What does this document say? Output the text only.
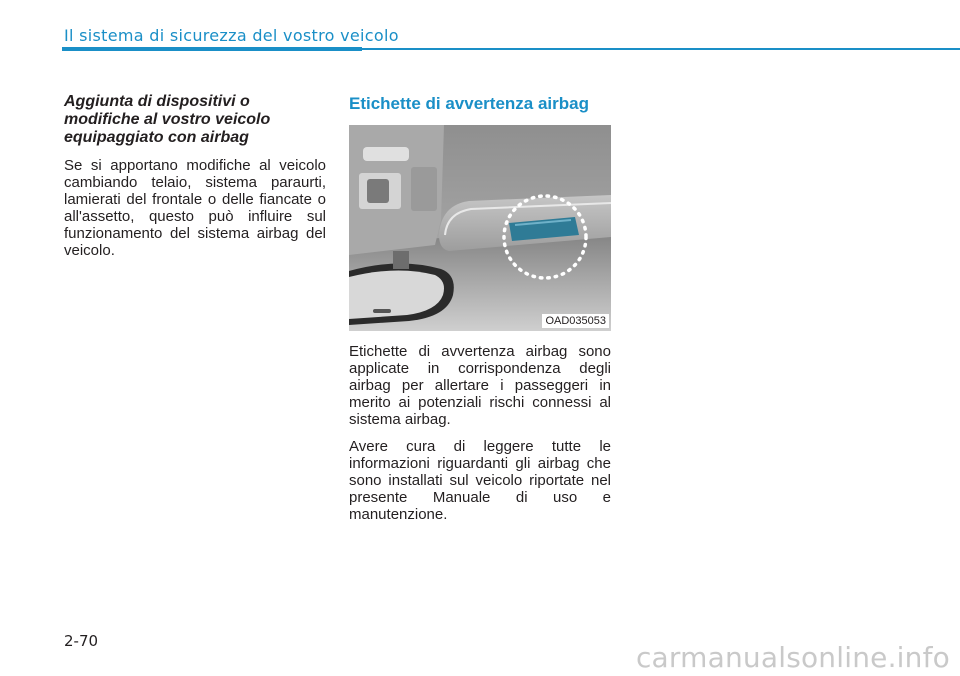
Il sistema di sicurezza del vostro veicolo

Aggiunta di dispositivi o modifiche al vostro veicolo equipaggiato con airbag

Se si apportano modifiche al veicolo cambiando telaio, sistema paraurti, lamierati del frontale o delle fiancate o all'assetto, questo può influire sul funzionamento del sistema airbag del veicolo.

Etichette di avvertenza airbag
OAD035053

Etichette di avvertenza airbag sono applicate in corrispondenza degli airbag per allertare i passeggeri in merito ai potenziali rischi connessi al sistema airbag.

Avere cura di leggere tutte le informazioni riguardanti gli airbag che sono installati sul veicolo riportate nel presente Manuale di uso e manutenzione.

2-70	carmanualsonline.info
